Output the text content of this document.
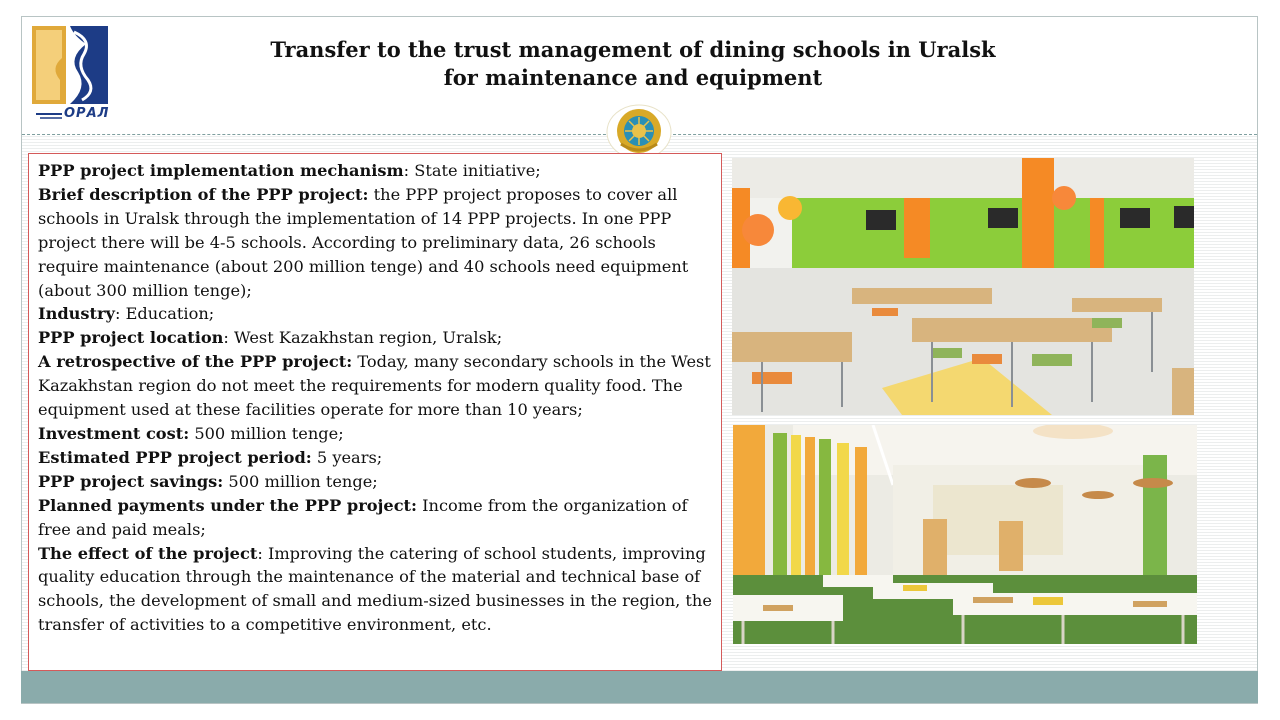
ОРАЛ
Transfer to the trust management of dining schools in Uralsk for maintenance and equipment

PPP project implementation mechanism: State initiative;

Brief description of the PPP project: the PPP project proposes to cover all schools in Uralsk through the implementation of 14 PPP projects. In one PPP project there will be 4-5 schools. According to preliminary data, 26 schools require maintenance (about 200 million tenge) and 40 schools need equipment (about 300 million tenge);

Industry: Education;

PPP project location: West Kazakhstan region, Uralsk;

A retrospective of the PPP project: Today, many secondary schools in the West Kazakhstan region do not meet the requirements for modern quality food. The equipment used at these facilities operate for more than 10 years;

Investment cost: 500 million tenge;

Estimated PPP project period: 5 years;

PPP project savings: 500 million tenge;

Planned payments under the PPP project: Income from the organization of free and paid meals;

The effect of the project: Improving the catering of school students, improving quality education through the maintenance of the material and technical base of schools, the development of small and medium-sized businesses in the region, the transfer of activities to a competitive environment, etc.
